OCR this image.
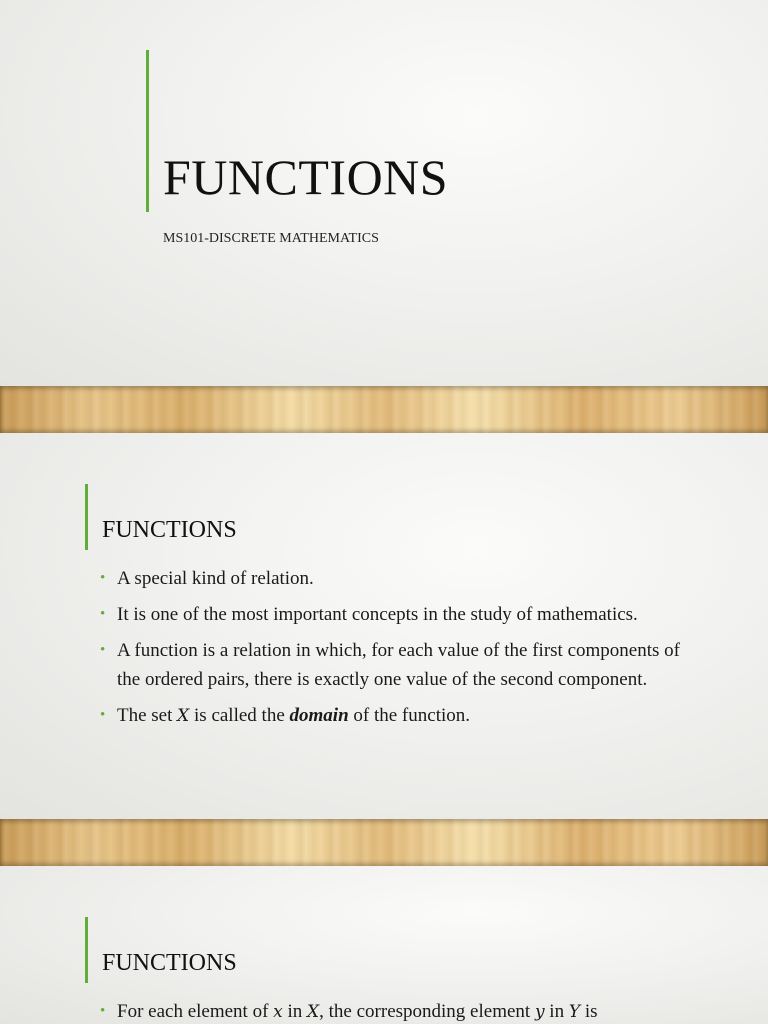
FUNCTIONS

MS101-DISCRETE MATHEMATICS

FUNCTIONS
• A special kind of relation.
• It is one of the most important concepts in the study of mathematics.
• A function is a relation in which, for each value of the first components of the ordered pairs, there is exactly one value of the second component.
• The set X is called the domain of the function.
FUNCTIONS
• For each element of x in X, the corresponding element y in Y is
